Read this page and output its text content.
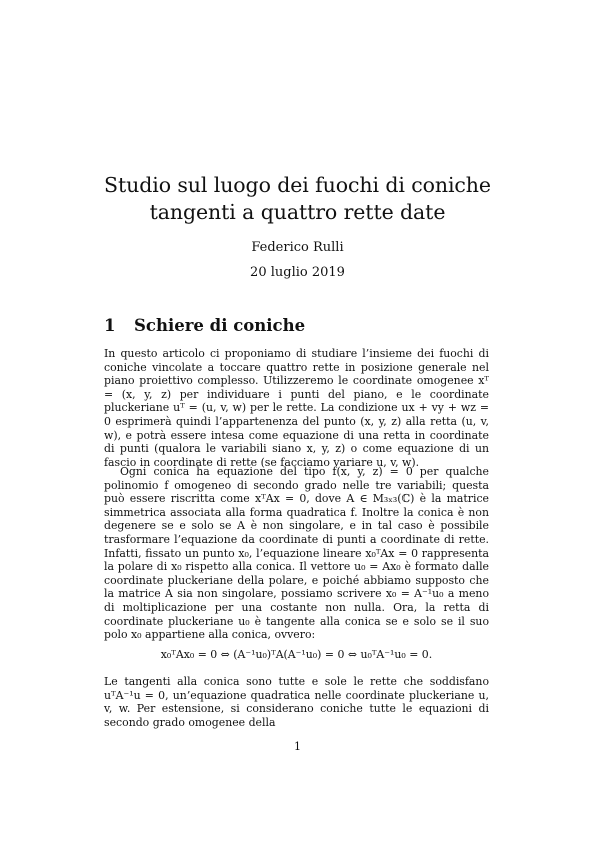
Studio sul luogo dei fuochi di coniche tangenti a quattro rette date
Federico Rulli
20 luglio 2019
1 Schiere di coniche
In questo articolo ci proponiamo di studiare l’insieme dei fuochi di coniche vincolate a toccare quattro rette in posizione generale nel piano proiettivo complesso. Utilizzeremo le coordinate omogenee xᵀ = (x, y, z) per individuare i punti del piano, e le coordinate pluckeriane uᵀ = (u, v, w) per le rette. La condizione ux + vy + wz = 0 esprimerà quindi l’appartenenza del punto (x, y, z) alla retta (u, v, w), e potrà essere intesa come equazione di una retta in coordinate di punti (qualora le variabili siano x, y, z) o come equazione di un fascio in coordinate di rette (se facciamo variare u, v, w).
Ogni conica ha equazione del tipo f(x, y, z) = 0 per qualche polinomio f omogeneo di secondo grado nelle tre variabili; questa può essere riscritta come xᵀAx = 0, dove A ∈ M₃ₓ₃(ℂ) è la matrice simmetrica associata alla forma quadratica f. Inoltre la conica è non degenere se e solo se A è non singolare, e in tal caso è possibile trasformare l’equazione da coordinate di punti a coordinate di rette. Infatti, fissato un punto x₀, l’equazione lineare x₀ᵀAx = 0 rappresenta la polare di x₀ rispetto alla conica. Il vettore u₀ = Ax₀ è formato dalle coordinate pluckeriane della polare, e poiché abbiamo supposto che la matrice A sia non singolare, possiamo scrivere x₀ = A⁻¹u₀ a meno di moltiplicazione per una costante non nulla. Ora, la retta di coordinate pluckeriane u₀ è tangente alla conica se e solo se il suo polo x₀ appartiene alla conica, ovvero:
x₀ᵀAx₀ = 0 ⇔ (A⁻¹u₀)ᵀA(A⁻¹u₀) = 0 ⇔ u₀ᵀA⁻¹u₀ = 0.
Le tangenti alla conica sono tutte e sole le rette che soddisfano uᵀA⁻¹u = 0, un’equazione quadratica nelle coordinate pluckeriane u, v, w. Per estensione, si considerano coniche tutte le equazioni di secondo grado omogenee della
1
